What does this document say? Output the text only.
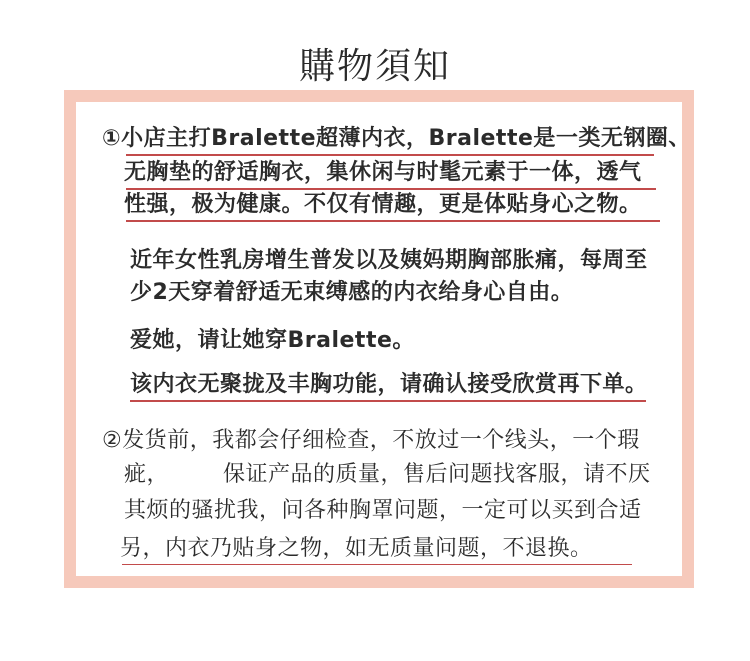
購物須知
①小店主打Bralette超薄内衣，Bralette是一类无钢圈、
无胸垫的舒适胸衣，集休闲与时髦元素于一体，透气
性强，极为健康。不仅有情趣，更是体贴身心之物。
近年女性乳房增生普发以及姨妈期胸部胀痛，每周至
少2天穿着舒适无束缚感的内衣给身心自由。
爱她，请让她穿Bralette。
该内衣无聚拢及丰胸功能，请确认接受欣赏再下单。
②发货前，我都会仔细检查，不放过一个线头，一个瑕
疵， 保证产品的质量，售后问题找客服，请不厌
其烦的骚扰我，问各种胸罩问题，一定可以买到合适
另，内衣乃贴身之物，如无质量问题，不退换。
